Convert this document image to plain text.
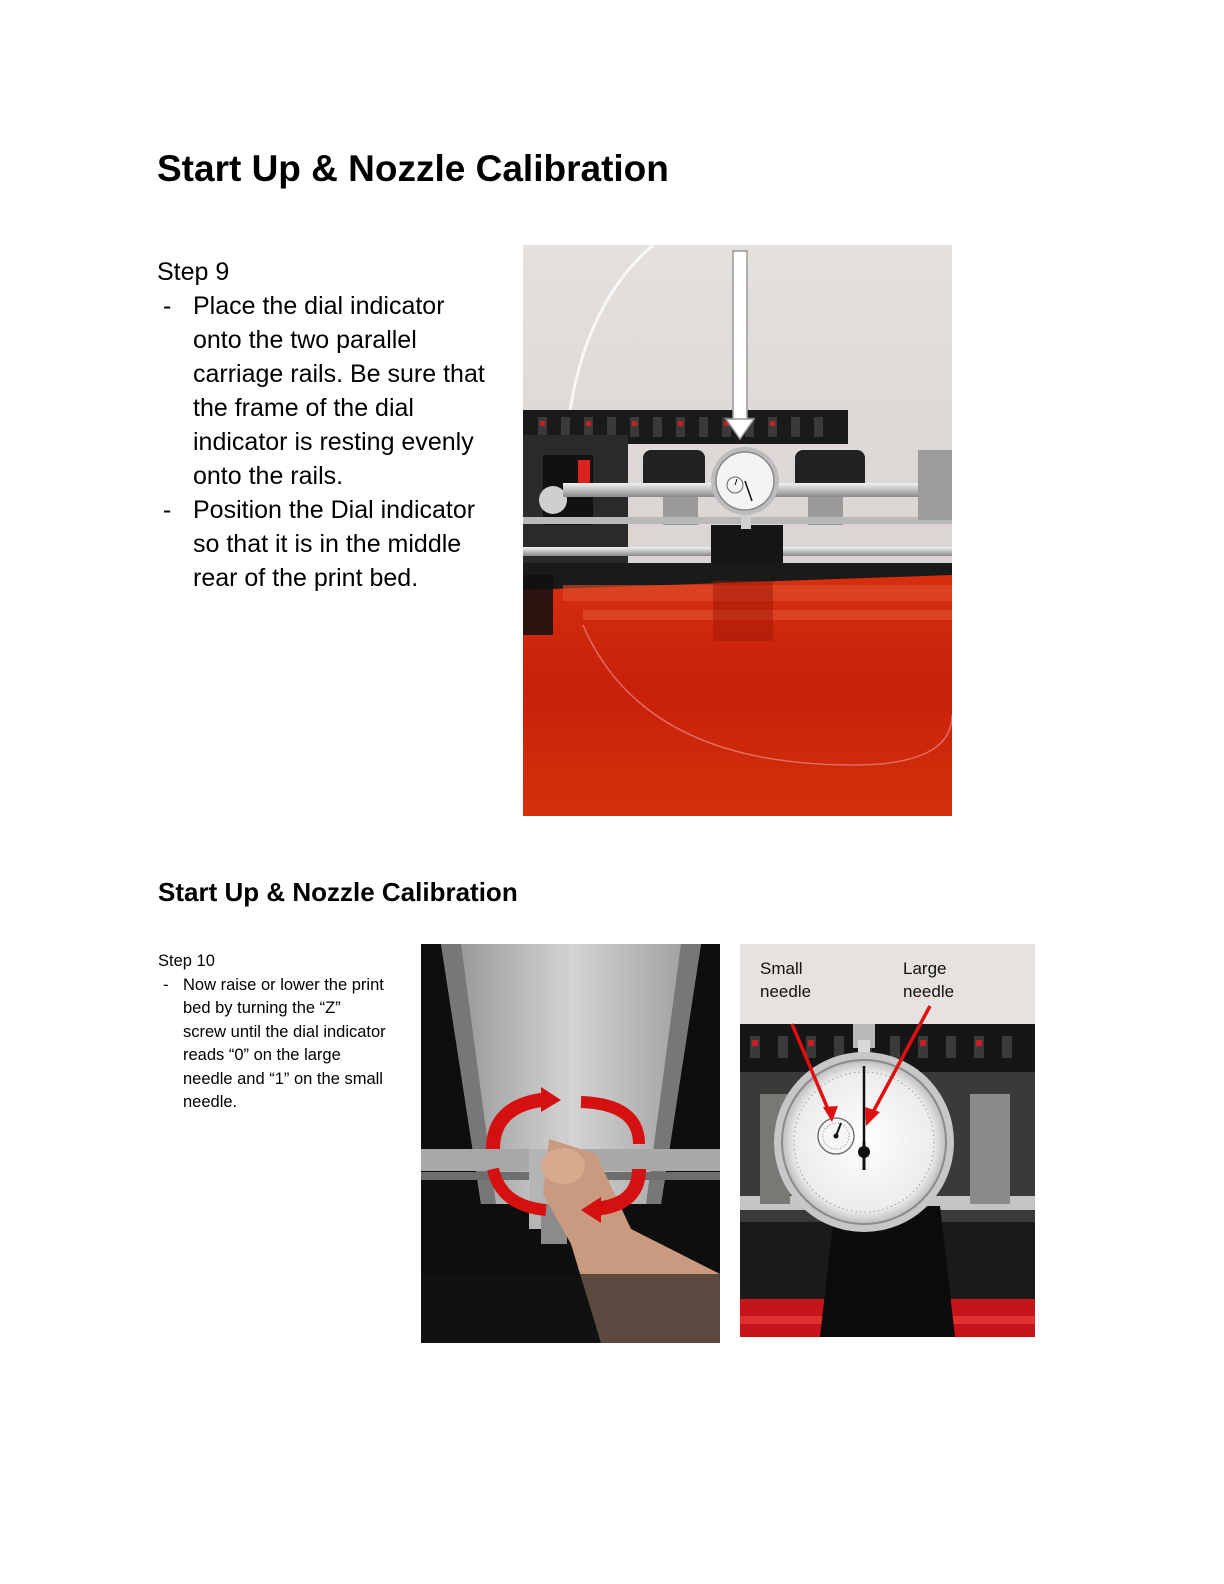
Start Up & Nozzle Calibration

Step 9

- Place the dial indicator onto the two parallel carriage rails. Be sure that the frame of the dial indicator is resting evenly onto the rails.
- Position the Dial indicator so that it is in the middle rear of the print bed.
Start Up & Nozzle Calibration

Step 10

- Now raise or lower the print bed by turning the “Z” screw until the dial indicator reads “0” on the large needle and “1” on the small needle.
Small
needle
Large
needle
